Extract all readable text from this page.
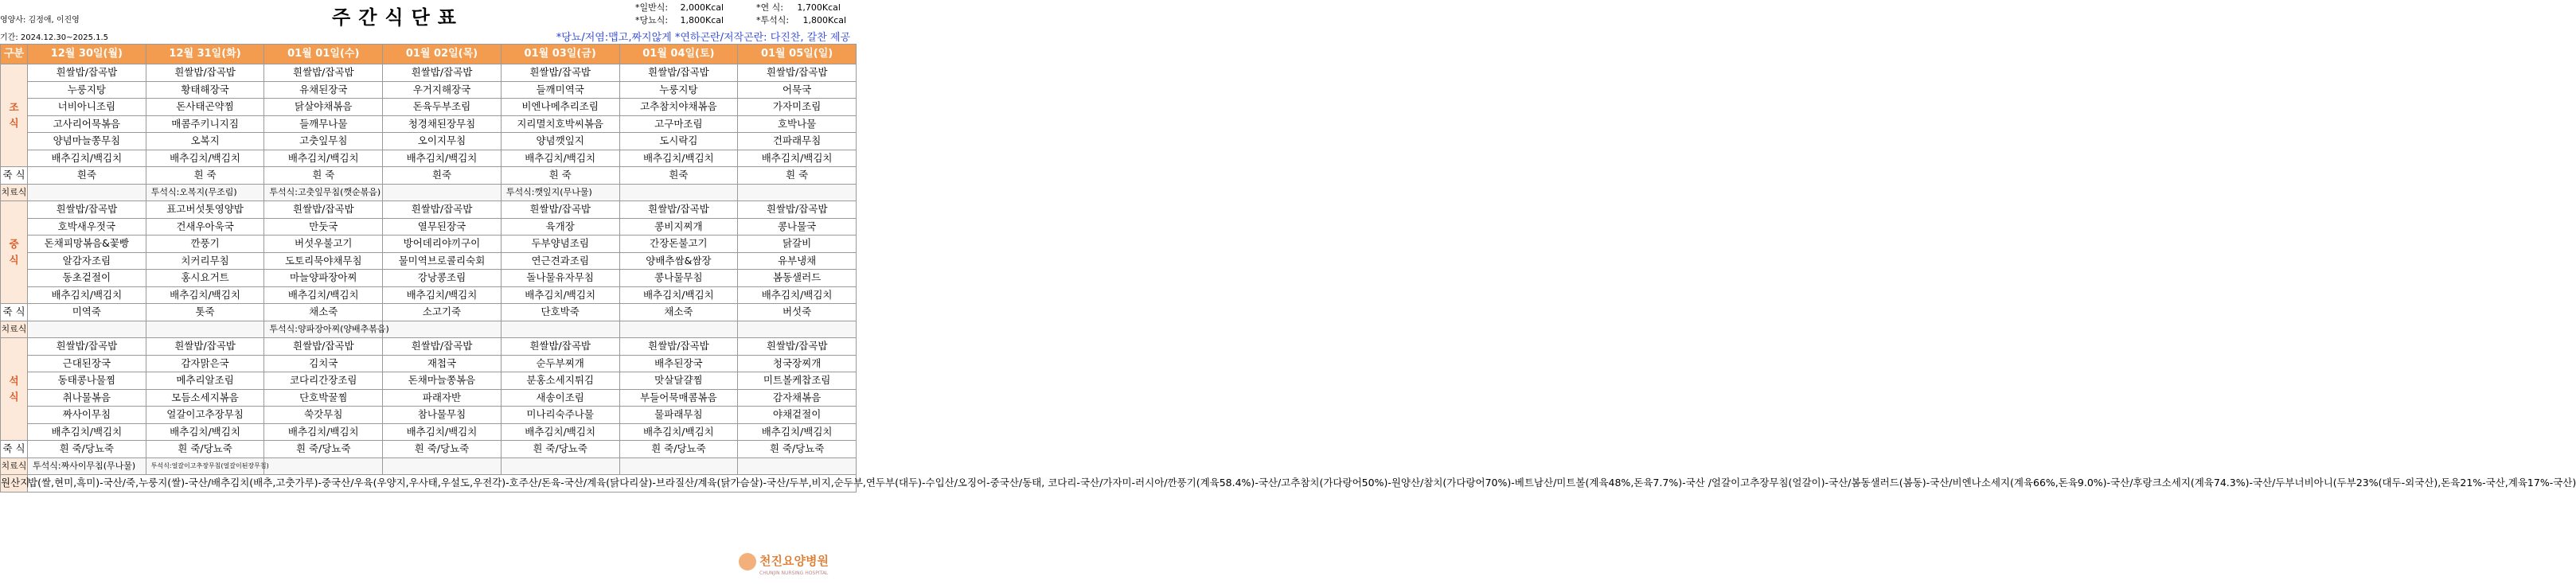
영양사: 김정애, 이진영
기간: 2024.12.30~2025.1.5
주간식단표	*일반식: 2,000Kcal	*연 식: 1,700Kcal
*당뇨식: 1,800Kcal	*투석식: 1,800Kcal
*당뇨/저염:맵고,짜지않게 *연하곤란/저작곤란: 다진찬, 갈찬 제공
구분	12월 30일(월)	12월 31일(화)	01월 01일(수)	01월 02일(목)	01월 03일(금)	01월 04일(토)	01월 05일(일)
조
식	흰쌀밥/잡곡밥	흰쌀밥/잡곡밥	흰쌀밥/잡곡밥	흰쌀밥/잡곡밥	흰쌀밥/잡곡밥	흰쌀밥/잡곡밥	흰쌀밥/잡곡밥
	누룽지탕	황태해장국	유채된장국	우거지해장국	들깨미역국	누룽지탕	어묵국
	너비아니조림	돈사태곤약찜	닭살야채볶음	돈육두부조림	비엔나메추리조림	고추참치야채볶음	가자미조림
	고사리어묵볶음	매콤주키니지짐	들깨무나물	청경채된장무침	지리멸치호박씨볶음	고구마조림	호박나물
	양념마늘쫑무침	오복지	고춧잎무침	오이지무침	양념깻잎지	도시락김	건파래무침
	배추김치/백김치	배추김치/백김치	배추김치/백김치	배추김치/백김치	배추김치/백김치	배추김치/백김치	배추김치/백김치
죽 식	흰죽	흰 죽	흰 죽	흰죽	흰 죽	흰죽	흰 죽
치료식		투석식:오복지(무조림)	투석식:고춧잎무침(깻순볶음)		투석식:깻잎지(무나물)		
중
식	흰쌀밥/잡곡밥	표고버섯톳영양밥	흰쌀밥/잡곡밥	흰쌀밥/잡곡밥	흰쌀밥/잡곡밥	흰쌀밥/잡곡밥	흰쌀밥/잡곡밥
	호박새우젓국	건새우아욱국	만둣국	열무된장국	육개장	콩비지찌개	콩나물국
	돈채피망볶음&꽃빵	깐풍기	버섯우불고기	방어데리야끼구이	두부양념조림	간장돈불고기	닭갈비
	알감자조림	치커리무침	도토리묵야채무침	물미역브로콜리숙회	연근견과조림	양배추쌈&쌈장	유부냉채
	동초겉절이	홍시요거트	마늘양파장아찌	강낭콩조림	돌나물유자무침	콩나물무침	봄동샐러드
	배추김치/백김치	배추김치/백김치	배추김치/백김치	배추김치/백김치	배추김치/백김치	배추김치/백김치	배추김치/백김치
죽 식	미역죽	톳죽	채소죽	소고기죽	단호박죽	채소죽	버섯죽
치료식			투석식:양파장아찌(양배추볶음)				
석
식	흰쌀밥/잡곡밥	흰쌀밥/잡곡밥	흰쌀밥/잡곡밥	흰쌀밥/잡곡밥	흰쌀밥/잡곡밥	흰쌀밥/잡곡밥	흰쌀밥/잡곡밥
	근대된장국	감자맑은국	김치국	재첩국	순두부찌개	배추된장국	청국장찌개
	동태콩나물찜	메추리알조림	코다리간장조림	돈채마늘쫑볶음	분홍소세지튀김	맛살달걀찜	미트볼케찹조림
	취나물볶음	모듬소세지볶음	단호박꿀찜	파래자반	새송이조림	부들어묵매콤볶음	감자채볶음
	짜사이무침	얼갈이고추장무침	쑥갓무침	참나물무침	미나리숙주나물	물파래무침	야채겉절이
	배추김치/백김치	배추김치/백김치	배추김치/백김치	배추김치/백김치	배추김치/백김치	배추김치/백김치	배추김치/백김치
죽 식	흰 죽/당뇨죽	흰 죽/당뇨죽	흰 죽/당뇨죽	흰 죽/당뇨죽	흰 죽/당뇨죽	흰 죽/당뇨죽	흰 죽/당뇨죽
치료식	투석식:짜사이무침(무나물)	투석식:얼갈이고추장무침(얼갈이된장무침)					
원산지	밥(쌀,현미,흑미)-국산/죽,누룽지(쌀)-국산/배추김치(배추,고춧가루)-중국산/우육(우양지,우사태,우설도,우전각)-호주산/돈육-국산/계육(닭다리살)-브라질산/계육(닭가슴살)-국산/두부,비지,순두부,연두부(대두)-수입산/오징어-중국산/동태, 코다리-국산/가자미-러시아/깐풍기(계육58.4%)-국산/고추참치(가다랑어50%)-원양산/참치(가다랑어70%)-베트남산/미트볼(계육48%,돈육7.7%)-국산 /얼갈이고추장무침(얼갈이)-국산/봄동샐러드(봄동)-국산/비엔나소세지(계육66%,돈육9.0%)-국산/후랑크소세지(계육74.3%)-국산/두부너비아니(두부23%(대두-외국산),돈육21%-국산,계육17%-국산)						
천진요양병원
CHUNJIN NURSING HOSPITAL
